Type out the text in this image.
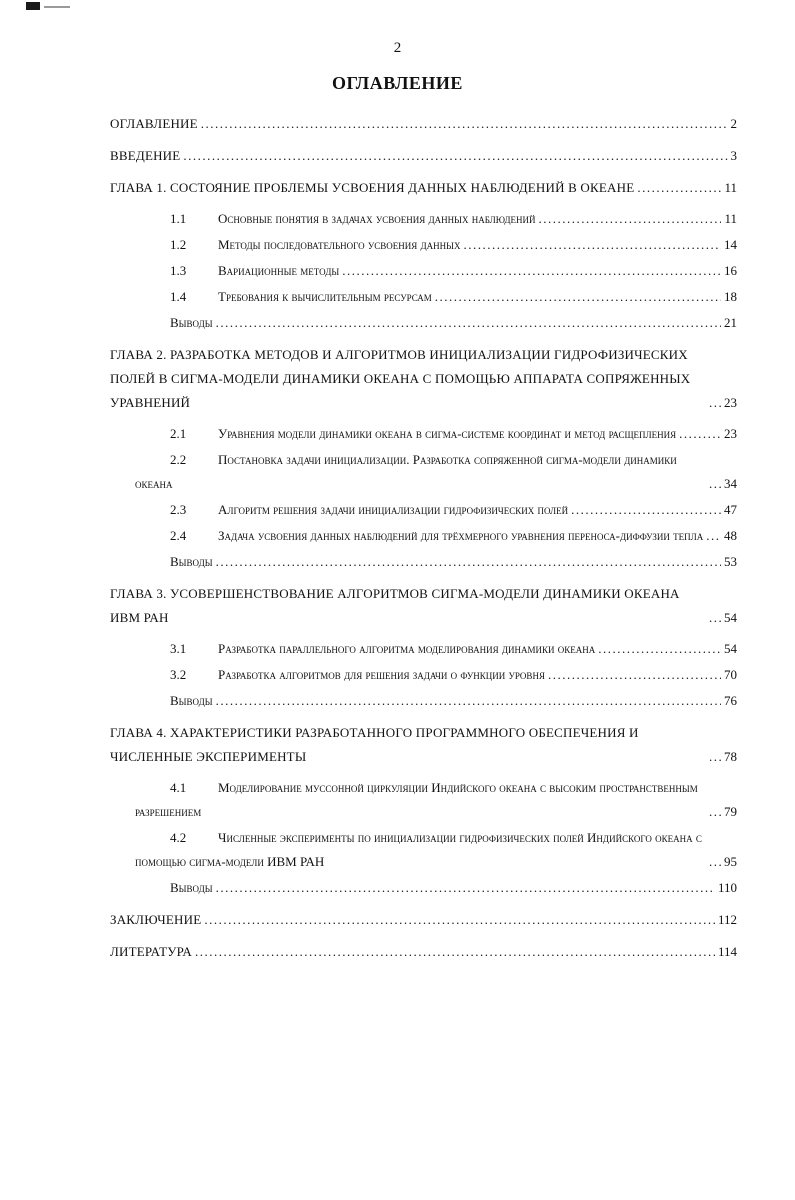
2
ОГЛАВЛЕНИЕ
ОГЛАВЛЕНИЕ .....	2
ВВЕДЕНИЕ .....	3
ГЛАВА 1. СОСТОЯНИЕ ПРОБЛЕМЫ УСВОЕНИЯ ДАННЫХ НАБЛЮДЕНИЙ В ОКЕАНЕ .....	11
1.1 Основные понятия в задачах усвоения данных наблюдений .....	11
1.2 Методы последовательного усвоения данных .....	14
1.3 Вариационные методы .....	16
1.4 Требования к вычислительным ресурсам .....	18
Выводы .....	21
ГЛАВА 2. РАЗРАБОТКА МЕТОДОВ И АЛГОРИТМОВ ИНИЦИАЛИЗАЦИИ ГИДРОФИЗИЧЕСКИХ ПОЛЕЙ В СИГМА-МОДЕЛИ ДИНАМИКИ ОКЕАНА С ПОМОЩЬЮ АППАРАТА СОПРЯЖЕННЫХ УРАВНЕНИЙ .....	23
2.1 Уравнения модели динамики океана в сигма-системе координат и метод расщепления .....	23
2.2 Постановка задачи инициализации. Разработка сопряженной сигма-модели динамики океана .....	34
2.3 Алгоритм решения задачи инициализации гидрофизических полей .....	47
2.4 Задача усвоения данных наблюдений для трёхмерного уравнения переноса-диффузии тепла ..... 48
Выводы .....	53
ГЛАВА 3. УСОВЕРШЕНСТВОВАНИЕ АЛГОРИТМОВ СИГМА-МОДЕЛИ ДИНАМИКИ ОКЕАНА ИВМ РАН .....	54
3.1 Разработка параллельного алгоритма моделирования динамики океана .....	54
3.2 Разработка алгоритмов для решения задачи о функции уровня .....	70
Выводы .....	76
ГЛАВА 4. ХАРАКТЕРИСТИКИ РАЗРАБОТАННОГО ПРОГРАММНОГО ОБЕСПЕЧЕНИЯ И ЧИСЛЕННЫЕ ЭКСПЕРИМЕНТЫ .....	78
4.1 Моделирование муссонной циркуляции Индийского океана с высоким пространственным разрешением .....	79
4.2 Численные эксперименты по инициализации гидрофизических полей Индийского океана с помощью сигма-модели ИВМ РАН .....	95
Выводы .....	110
ЗАКЛЮЧЕНИЕ .....	112
ЛИТЕРАТУРА .....	114
